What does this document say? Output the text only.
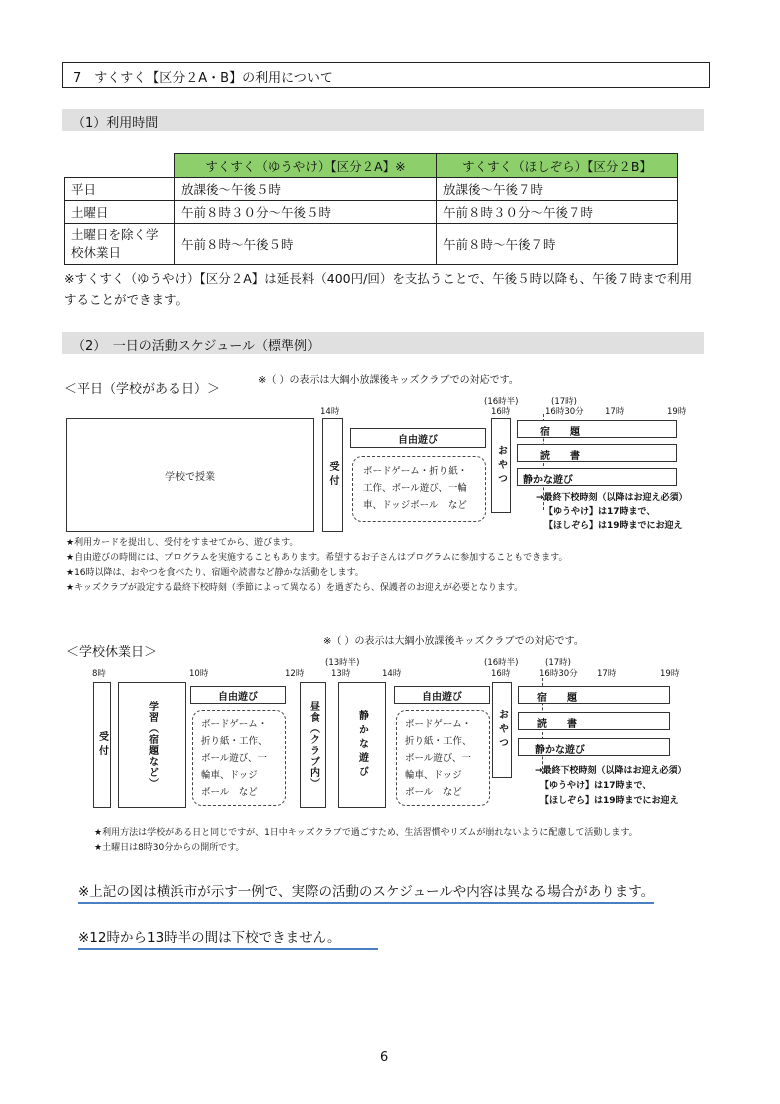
7　すくすく【区分２A・B】の利用について
（1）利用時間
	すくすく（ゆうやけ）【区分２A】※	すくすく（ほしぞら）【区分２B】
平日	放課後～午後５時	放課後～午後７時
土曜日	午前８時３０分～午後５時	午前８時３０分～午後７時
土曜日を除く学校休業日	午前８時～午後５時	午前８時～午後７時
※すくすく（ゆうやけ）【区分２A】は延長料（400円/回）を支払うことで、午後５時以降も、午後７時まで利用することができます。
（2）　一日の活動スケジュール（標準例）
＜平日（学校がある日）＞
※（ ）の表示は大綱小放課後キッズクラブでの対応です。
14時
(16時半)
16時
(17時)
16時30分	17時	19時
学校で授業	受付
自由遊び
ボードゲーム・折り紙・
工作、ボール遊び、一輪
車、ドッジボール　など
おやつ
宿　　題
読　　書
静かな遊び
→最終下校時刻（以降はお迎え必須）
【ゆうやけ】は17時まで、
【ほしぞら】は19時までにお迎え
★利用カードを提出し、受付をすませてから、遊びます。
★自由遊びの時間には、プログラムを実施することもあります。希望するお子さんはプログラムに参加することもできます。
★16時以降は、おやつを食べたり、宿題や読書など静かな活動をします。
★キッズクラブが設定する最終下校時刻（季節によって異なる）を過ぎたら、保護者のお迎えが必要となります。
＜学校休業日＞
※（ ）の表示は大綱小放課後キッズクラブでの対応です。
8時	10時	12時
(13時半)
13時	14時
(16時半)
16時
(17時)
16時30分 17時	19時
受付	学習（宿題など）
自由遊び
ボードゲーム・
折り紙・工作、
ボール遊び、一
輪車、ドッジ
ボール　など
昼食（クラブ内）	静かな遊び
自由遊び
ボードゲーム・
折り紙・工作、
ボール遊び、一
輪車、ドッジ
ボール　など
おやつ
宿　　題
読　　書
静かな遊び
→最終下校時刻（以降はお迎え必須）
【ゆうやけ】は17時まで、
【ほしぞら】は19時までにお迎え
★利用方法は学校がある日と同じですが、1日中キッズクラブで過ごすため、生活習慣やリズムが崩れないように配慮して活動します。
★土曜日は8時30分からの開所です。
※上記の図は横浜市が示す一例で、実際の活動のスケジュールや内容は異なる場合があります。
※12時から13時半の間は下校できません。
6
